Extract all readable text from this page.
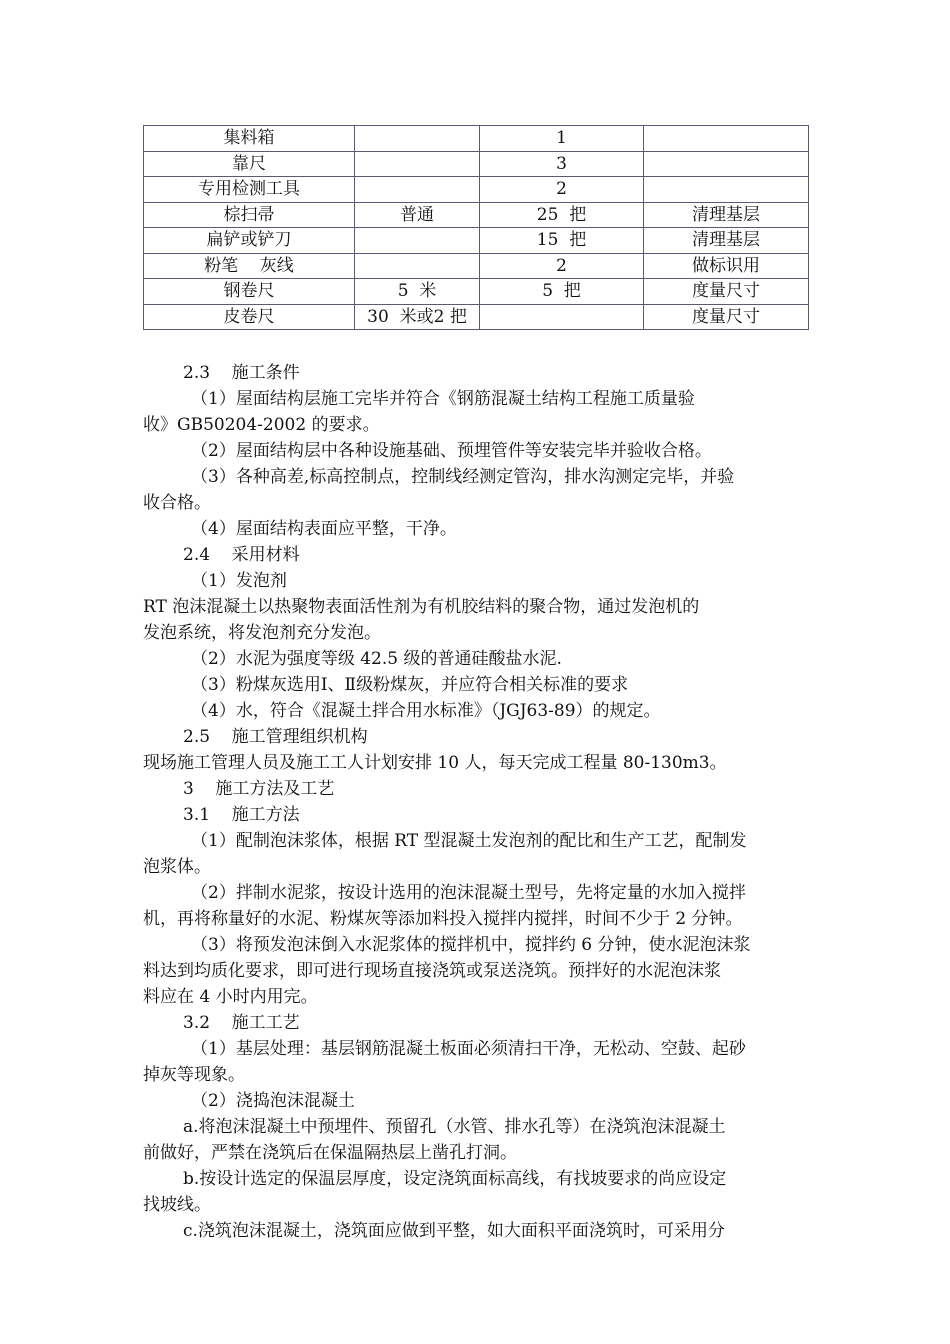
集料箱		1	
靠尺		3	
专用检测工具		2	
棕扫帚	普通	25  把	清理基层
扁铲或铲刀		15  把	清理基层
粉笔    灰线		2	做标识用
钢卷尺	5  米	5  把	度量尺寸
皮卷尺	30  米或2 把		度量尺寸
2.3    施工条件
（1）屋面结构层施工完毕并符合《钢筋混凝土结构工程施工质量验
收》GB50204-2002 的要求。
（2）屋面结构层中各种设施基础、预埋管件等安装完毕并验收合格。
（3）各种高差,标高控制点，控制线经测定管沟，排水沟测定完毕，并验
收合格。
（4）屋面结构表面应平整，干净。
2.4    采用材料
（1）发泡剂
RT 泡沫混凝土以热聚物表面活性剂为有机胶结料的聚合物，通过发泡机的
发泡系统，将发泡剂充分发泡。
（2）水泥为强度等级 42.5 级的普通硅酸盐水泥.
（3）粉煤灰选用Ⅰ、Ⅱ级粉煤灰，并应符合相关标准的要求
（4）水，符合《混凝土拌合用水标准》（JGJ63-89）的规定。
2.5    施工管理组织机构
现场施工管理人员及施工工人计划安排 10 人，每天完成工程量 80-130m3。
3    施工方法及工艺
3.1    施工方法
（1）配制泡沫浆体，根据 RT 型混凝土发泡剂的配比和生产工艺，配制发
泡浆体。
（2）拌制水泥浆，按设计选用的泡沫混凝土型号，先将定量的水加入搅拌
机，再将称量好的水泥、粉煤灰等添加料投入搅拌内搅拌，时间不少于 2 分钟。
（3）将预发泡沫倒入水泥浆体的搅拌机中，搅拌约 6 分钟，使水泥泡沫浆
料达到均质化要求，即可进行现场直接浇筑或泵送浇筑。预拌好的水泥泡沫浆
料应在 4 小时内用完。
3.2    施工工艺
（1）基层处理：基层钢筋混凝土板面必须清扫干净，无松动、空鼓、起砂
掉灰等现象。
（2）浇捣泡沫混凝土
a.将泡沫混凝土中预埋件、预留孔（水管、排水孔等）在浇筑泡沫混凝土
前做好，严禁在浇筑后在保温隔热层上凿孔打洞。
b.按设计选定的保温层厚度，设定浇筑面标高线，有找坡要求的尚应设定
找坡线。
c.浇筑泡沫混凝土，浇筑面应做到平整，如大面积平面浇筑时，可采用分
